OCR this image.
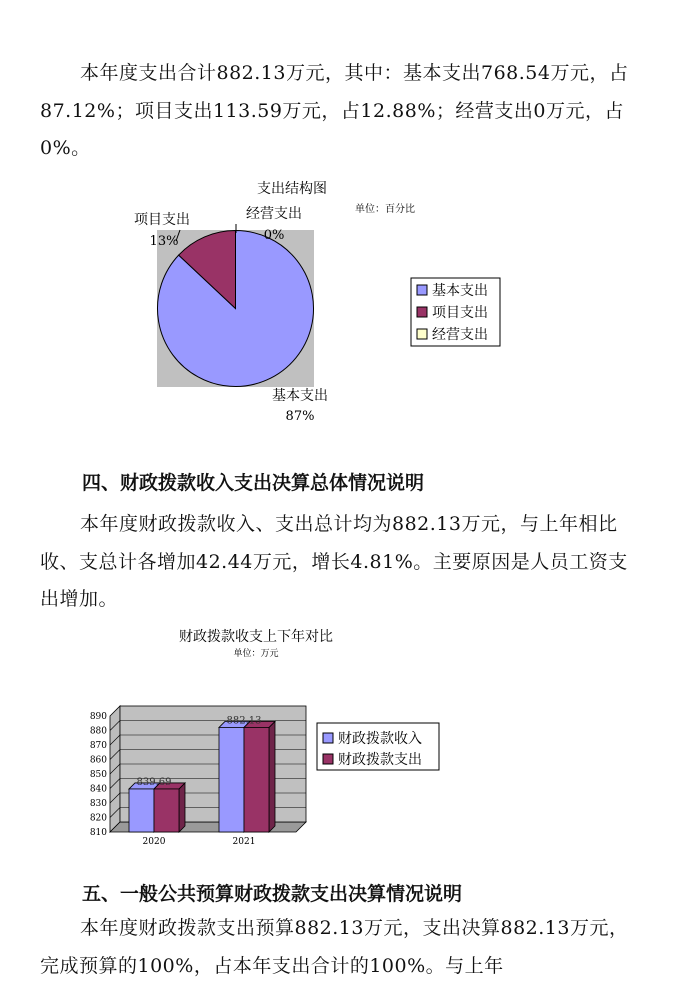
本年度支出合计882.13万元，其中：基本支出768.54万元，占87.12%；项目支出113.59万元，占12.88%；经营支出0万元，占0%。

支出结构图
单位：百分比
项目支出
13%
经营支出
0%
基本支出
87%
基本支出
项目支出
经营支出
四、财政拨款收入支出决算总体情况说明

本年度财政拨款收入、支出总计均为882.13万元，与上年相比收、支总计各增加42.44万元，增长4.81%。主要原因是人员工资支出增加。

财政拨款收支上下年对比
单位：万元
810
820
830
840
850
860
870
880
890
839.69
882.13
2020	2021
财政拨款收入
财政拨款支出
五、一般公共预算财政拨款支出决算情况说明

本年度财政拨款支出预算882.13万元，支出决算882.13万元，完成预算的100%，占本年支出合计的100%。与上年
